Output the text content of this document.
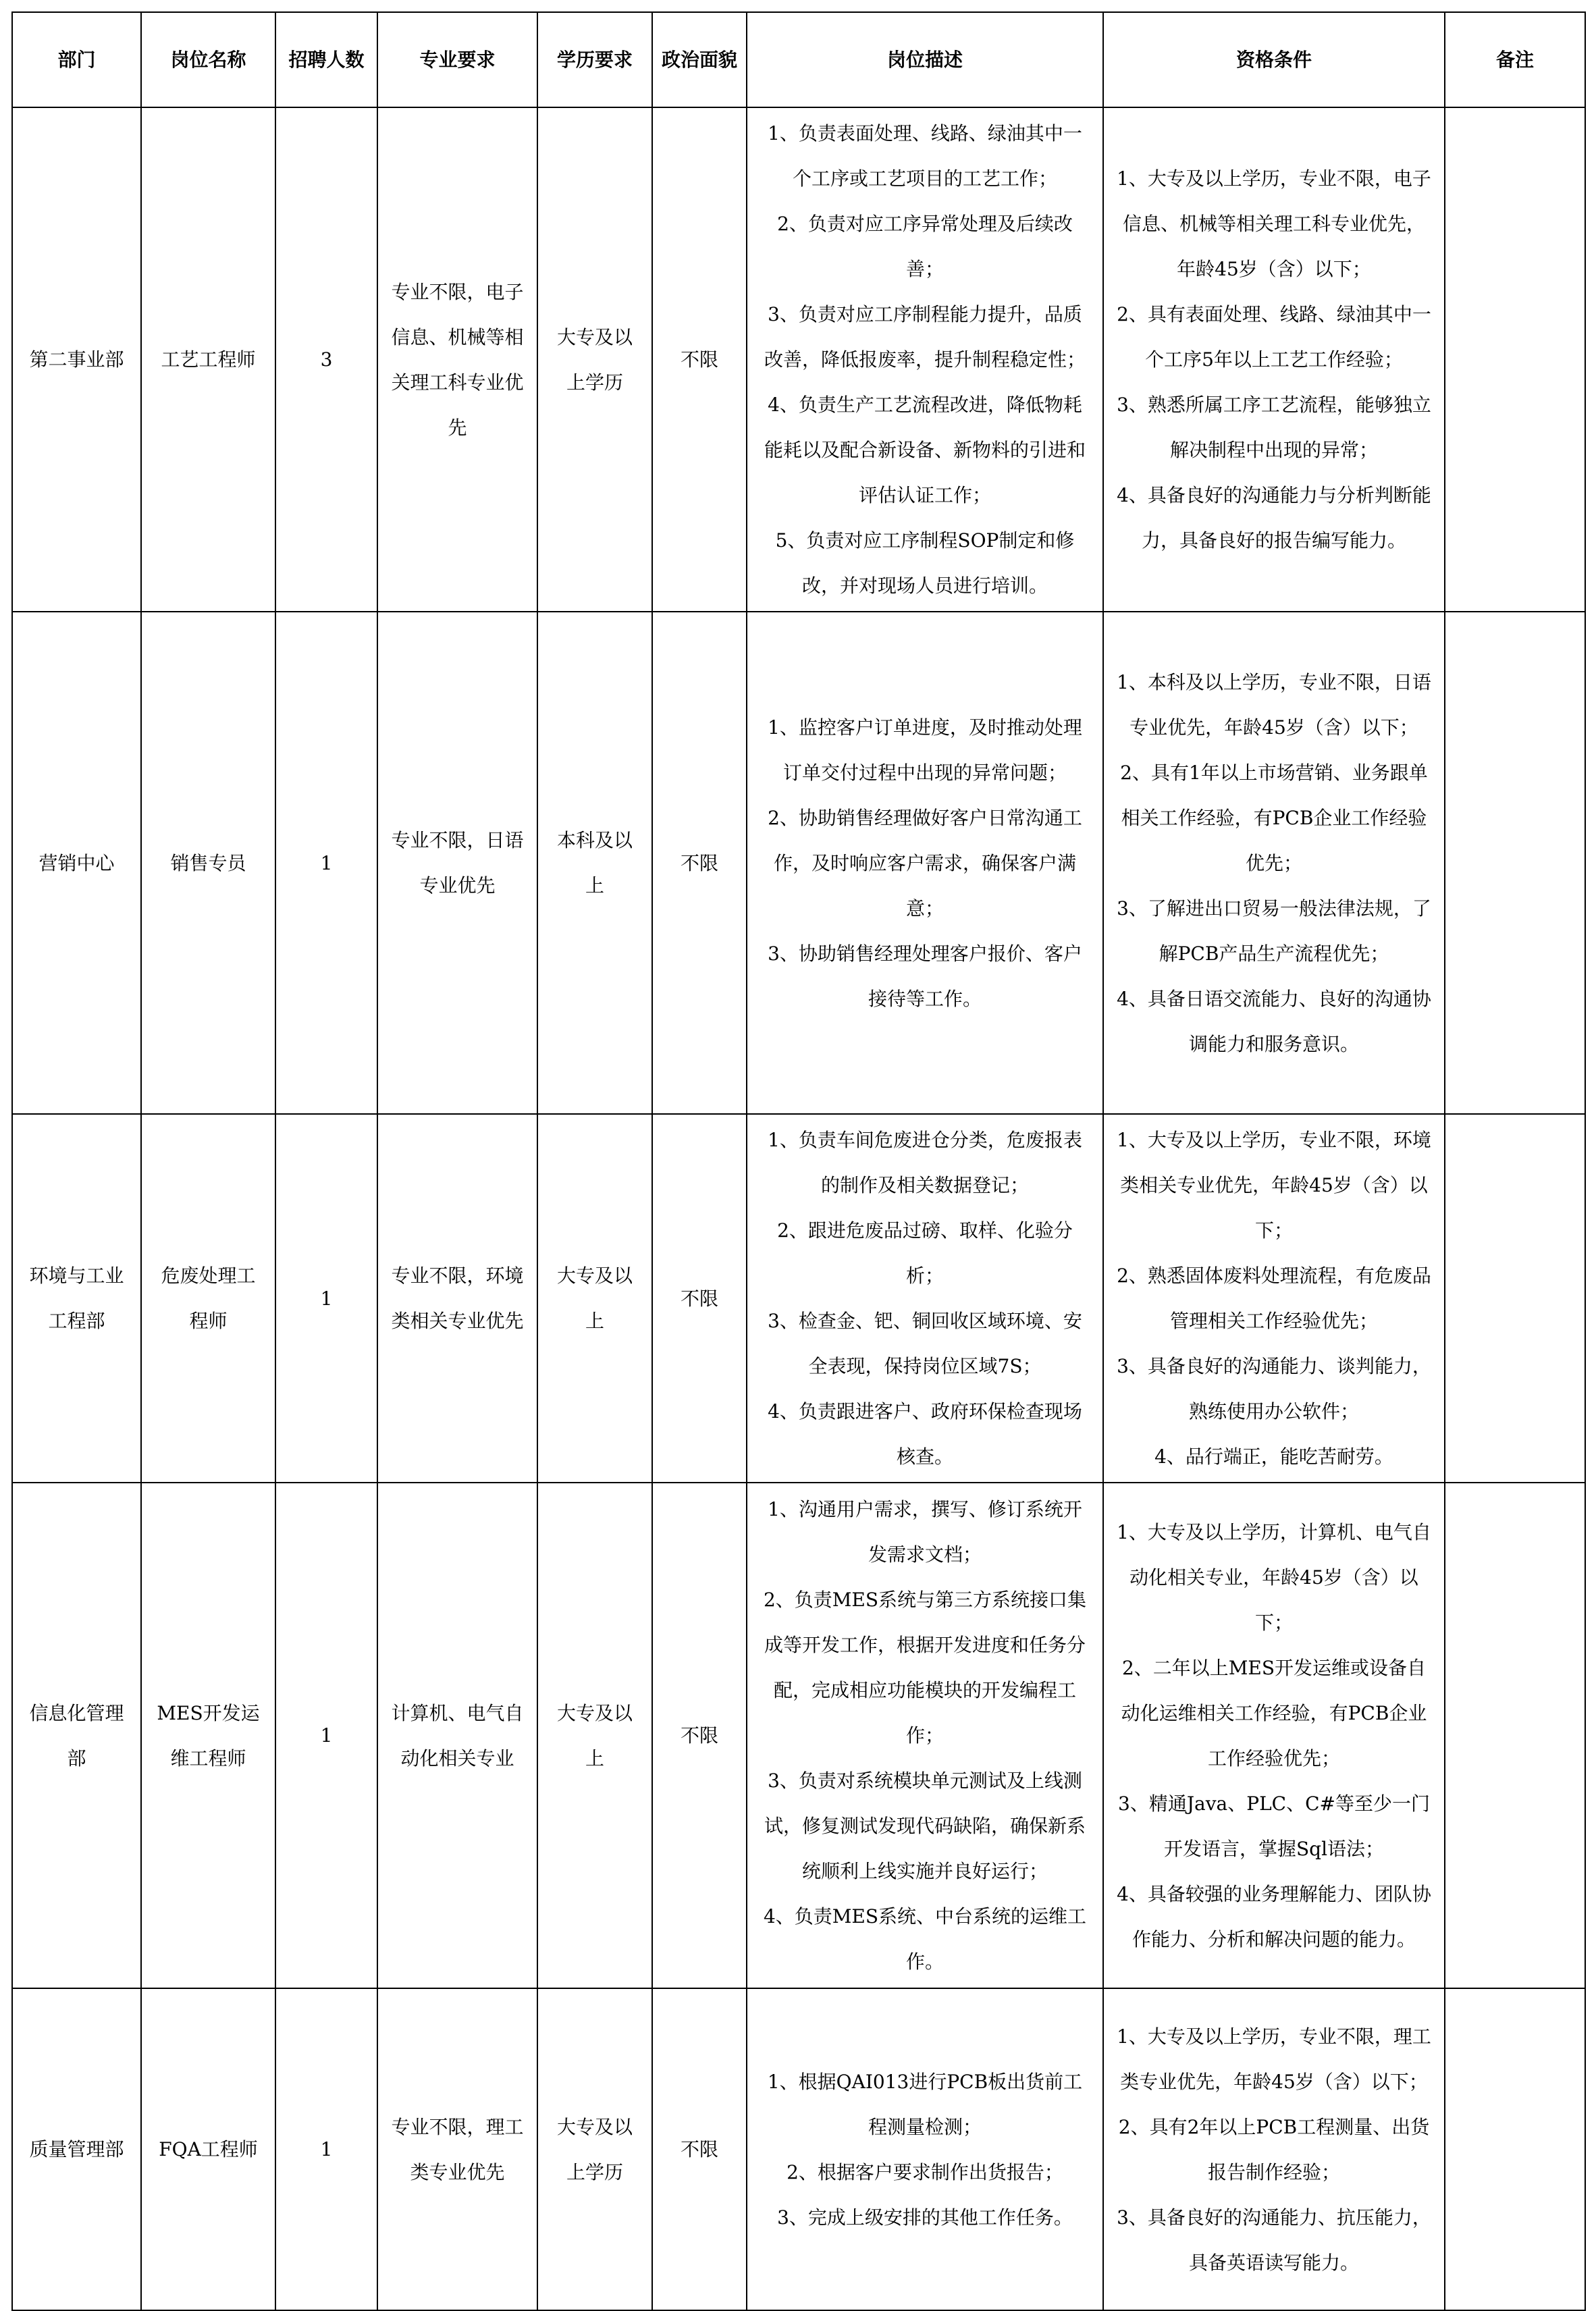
部门	岗位名称	招聘人数	专业要求	学历要求	政治面貌	岗位描述	资格条件	备注
第二事业部	工艺工程师	3	专业不限，电子信息、机械等相关理工科专业优先	大专及以上学历	不限	1、负责表面处理、线路、绿油其中一个工序或工艺项目的工艺工作；
2、负责对应工序异常处理及后续改善；
3、负责对应工序制程能力提升，品质改善，降低报废率，提升制程稳定性；
4、负责生产工艺流程改进，降低物耗能耗以及配合新设备、新物料的引进和评估认证工作；
5、负责对应工序制程SOP制定和修改，并对现场人员进行培训。	1、大专及以上学历，专业不限，电子信息、机械等相关理工科专业优先，年龄45岁（含）以下；
2、具有表面处理、线路、绿油其中一个工序5年以上工艺工作经验；
3、熟悉所属工序工艺流程，能够独立解决制程中出现的异常；
4、具备良好的沟通能力与分析判断能力，具备良好的报告编写能力。	

营销中心	销售专员	1	专业不限，日语专业优先	本科及以上	不限	1、监控客户订单进度，及时推动处理订单交付过程中出现的异常问题；
2、协助销售经理做好客户日常沟通工作，及时响应客户需求，确保客户满意；
3、协助销售经理处理客户报价、客户接待等工作。	1、本科及以上学历，专业不限，日语专业优先，年龄45岁（含）以下；
2、具有1年以上市场营销、业务跟单相关工作经验，有PCB企业工作经验优先；
3、了解进出口贸易一般法律法规，了解PCB产品生产流程优先；
4、具备日语交流能力、良好的沟通协调能力和服务意识。	

环境与工业工程部	危废处理工程师	1	专业不限，环境类相关专业优先	大专及以上	不限	1、负责车间危废进仓分类，危废报表的制作及相关数据登记；
2、跟进危废品过磅、取样、化验分析；
3、检查金、钯、铜回收区域环境、安全表现，保持岗位区域7S；
4、负责跟进客户、政府环保检查现场核查。	1、大专及以上学历，专业不限，环境类相关专业优先，年龄45岁（含）以下；
2、熟悉固体废料处理流程，有危废品管理相关工作经验优先；
3、具备良好的沟通能力、谈判能力，熟练使用办公软件；
4、品行端正，能吃苦耐劳。	

信息化管理部	MES开发运维工程师	1	计算机、电气自动化相关专业	大专及以上	不限	1、沟通用户需求，撰写、修订系统开发需求文档；
2、负责MES系统与第三方系统接口集成等开发工作，根据开发进度和任务分配，完成相应功能模块的开发编程工作；
3、负责对系统模块单元测试及上线测试，修复测试发现代码缺陷，确保新系统顺利上线实施并良好运行；
4、负责MES系统、中台系统的运维工作。	1、大专及以上学历，计算机、电气自动化相关专业，年龄45岁（含）以下；
2、二年以上MES开发运维或设备自动化运维相关工作经验，有PCB企业工作经验优先；
3、精通Java、PLC、C#等至少一门开发语言，掌握Sql语法；
4、具备较强的业务理解能力、团队协作能力、分析和解决问题的能力。	

质量管理部	FQA工程师	1	专业不限，理工类专业优先	大专及以上学历	不限	1、根据QAI013进行PCB板出货前工程测量检测；
2、根据客户要求制作出货报告；
3、完成上级安排的其他工作任务。	1、大专及以上学历，专业不限，理工类专业优先，年龄45岁（含）以下；
2、具有2年以上PCB工程测量、出货报告制作经验；
3、具备良好的沟通能力、抗压能力，具备英语读写能力。	
